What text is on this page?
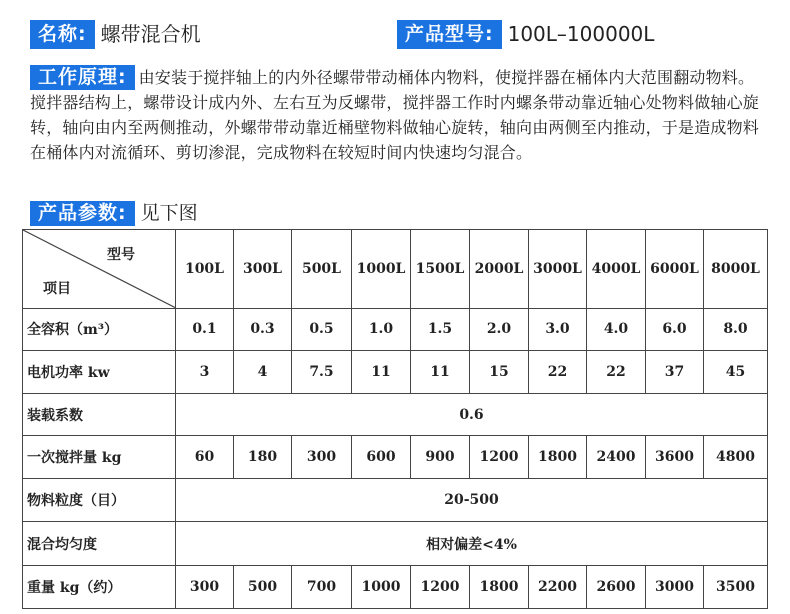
名称: 螺带混合机	产品型号: 100L–100000L
工作原理: 由安装于搅拌轴上的内外径螺带带动桶体内物料，使搅拌器在桶体内大范围翻动物料。搅拌器结构上，螺带设计成内外、左右互为反螺带，搅拌器工作时内螺条带动靠近轴心处物料做轴心旋转，轴向由内至两侧推动，外螺带带动靠近桶壁物料做轴心旋转，轴向由两侧至内推动，于是造成物料在桶体内对流循环、剪切渗混，完成物料在较短时间内快速均匀混合。
产品参数: 见下图
型号
项目	100L	300L	500L	1000L	1500L	2000L	3000L	4000L	6000L	8000L
全容积（m³）	0.1	0.3	0.5	1.0	1.5	2.0	3.0	4.0	6.0	8.0
电机功率 kw	3	4	7.5	11	11	15	22	22	37	45
装载系数	0.6									
一次搅拌量 kg	60	180	300	600	900	1200	1800	2400	3600	4800
物料粒度（目）	20-500									
混合均匀度	相对偏差<4%									
重量 kg（约）	300	500	700	1000	1200	1800	2200	2600	3000	3500
